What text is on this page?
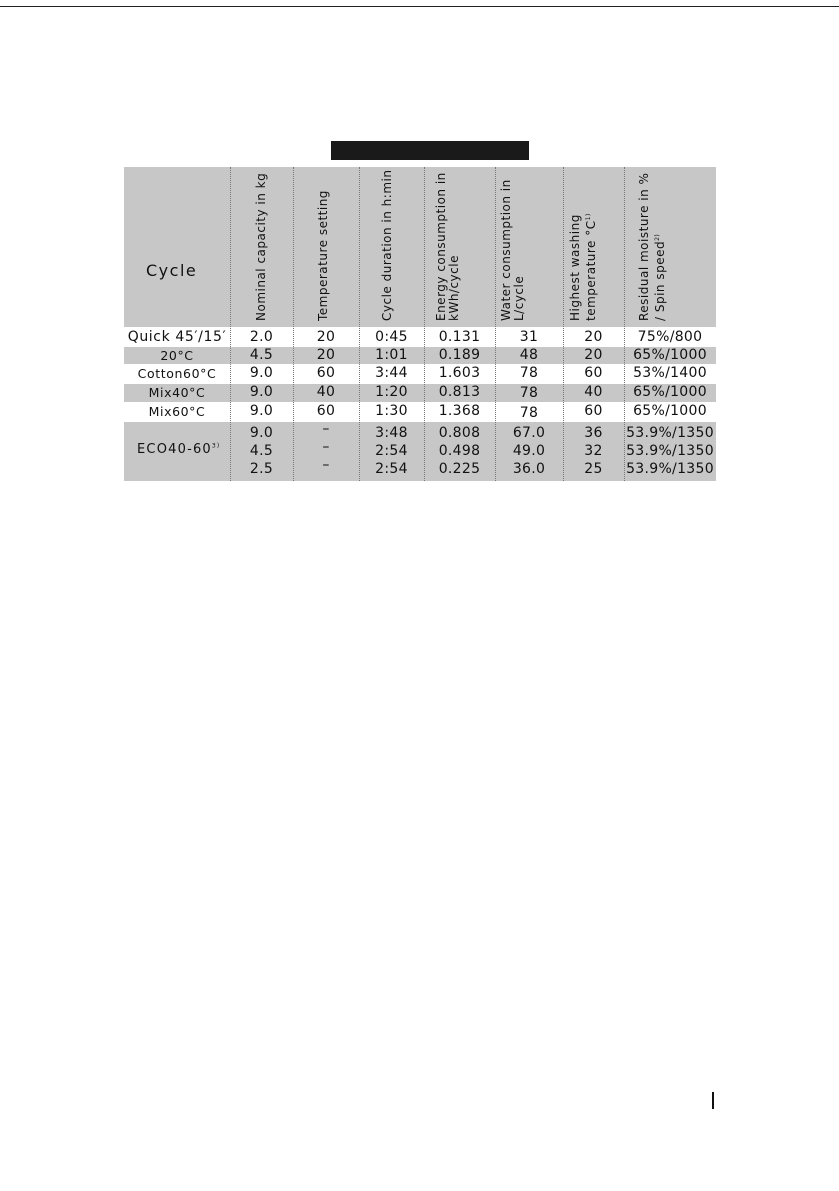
Cycle	Nominal capacity in kg	Temperature setting	Cycle duration in h:min	Energy consumption in kWh/cycle	Water consumption in L/cycle	Highest washing temperature $^\circ C^{1)}$	Residual moisture in % / Spin speed$^{2)}$
Quick 45′/15′	2.0	20	0:45	0.131	31	20	75%/800
20°C	4.5	20	1:01	0.189	48	20	65%/1000
Cotton60°C	9.0	60	3:44	1.603	78	60	53%/1400
Mix40°C	9.0	40	1:20	0.813	78	40	65%/1000
Mix60°C	9.0	60	1:30	1.368	78	60	65%/1000
ECO40-60$^{3)}$
9.0	–	3:48	0.808	67.0	36	53.9%/1350
4.5	–	2:54	0.498	49.0	32	53.9%/1350
2.5	–	2:54	0.225	36.0	25	53.9%/1350
